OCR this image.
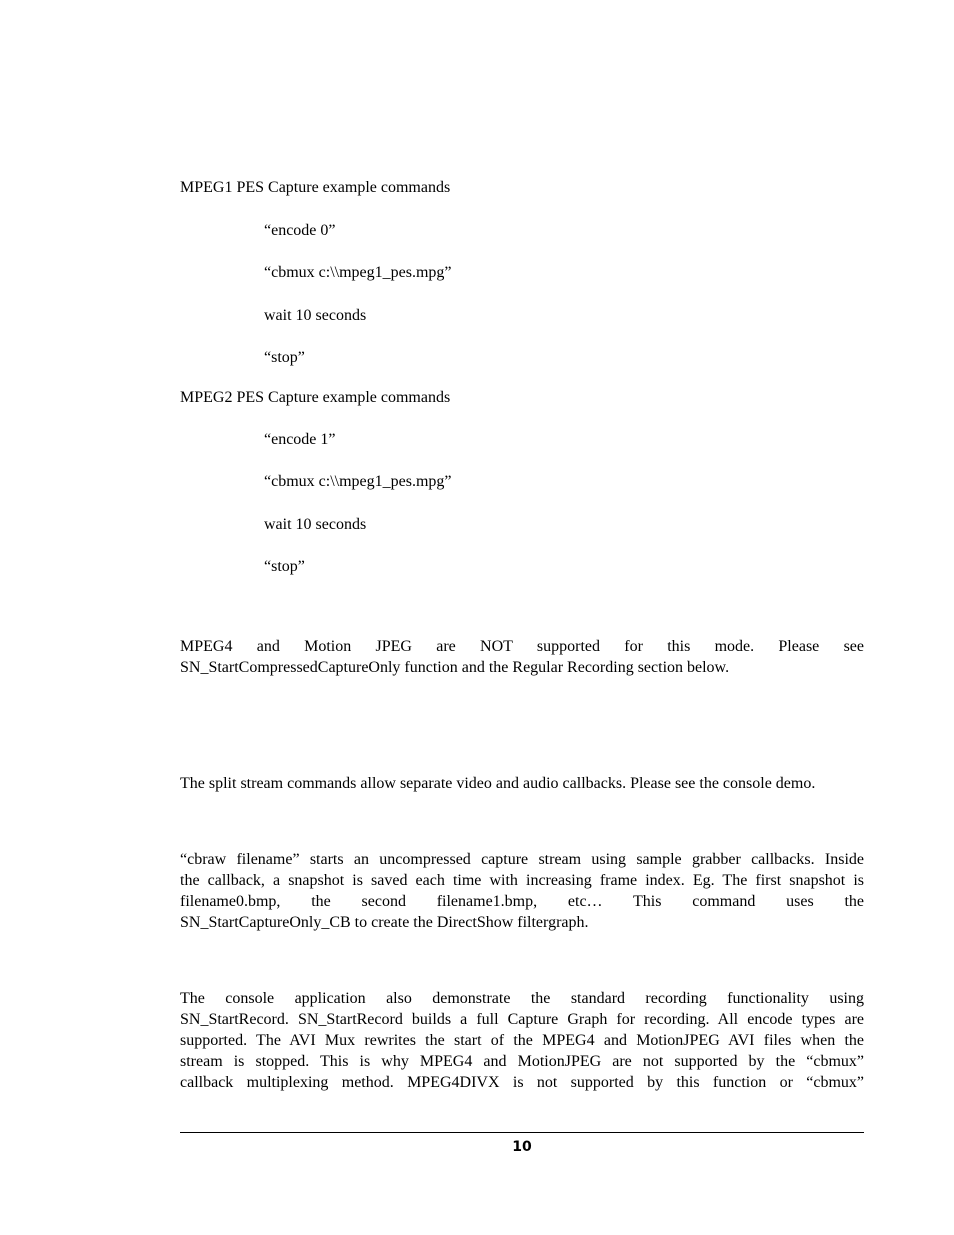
MPEG1 PES Capture example commands
“encode 0”
“cbmux c:\\mpeg1_pes.mpg”
wait 10 seconds
“stop”
MPEG2 PES Capture example commands
“encode 1”
“cbmux c:\\mpeg1_pes.mpg”
wait 10 seconds
“stop”
MPEG4 and Motion JPEG are NOT supported for this mode. Please see
SN_StartCompressedCaptureOnly function and the Regular Recording section below.
The split stream commands allow separate video and audio callbacks. Please see the console demo.
“cbraw filename” starts an uncompressed capture stream using sample grabber callbacks. Inside
the callback, a snapshot is saved each time with increasing frame index. Eg. The first snapshot is
filename0.bmp, the second filename1.bmp, etc… This command uses the
SN_StartCaptureOnly_CB to create the DirectShow filtergraph.
The console application also demonstrate the standard recording functionality using
SN_StartRecord. SN_StartRecord builds a full Capture Graph for recording. All encode types are
supported. The AVI Mux rewrites the start of the MPEG4 and MotionJPEG AVI files when the
stream is stopped. This is why MPEG4 and MotionJPEG are not supported by the “cbmux”
callback multiplexing method. MPEG4DIVX is not supported by this function or “cbmux”
10
